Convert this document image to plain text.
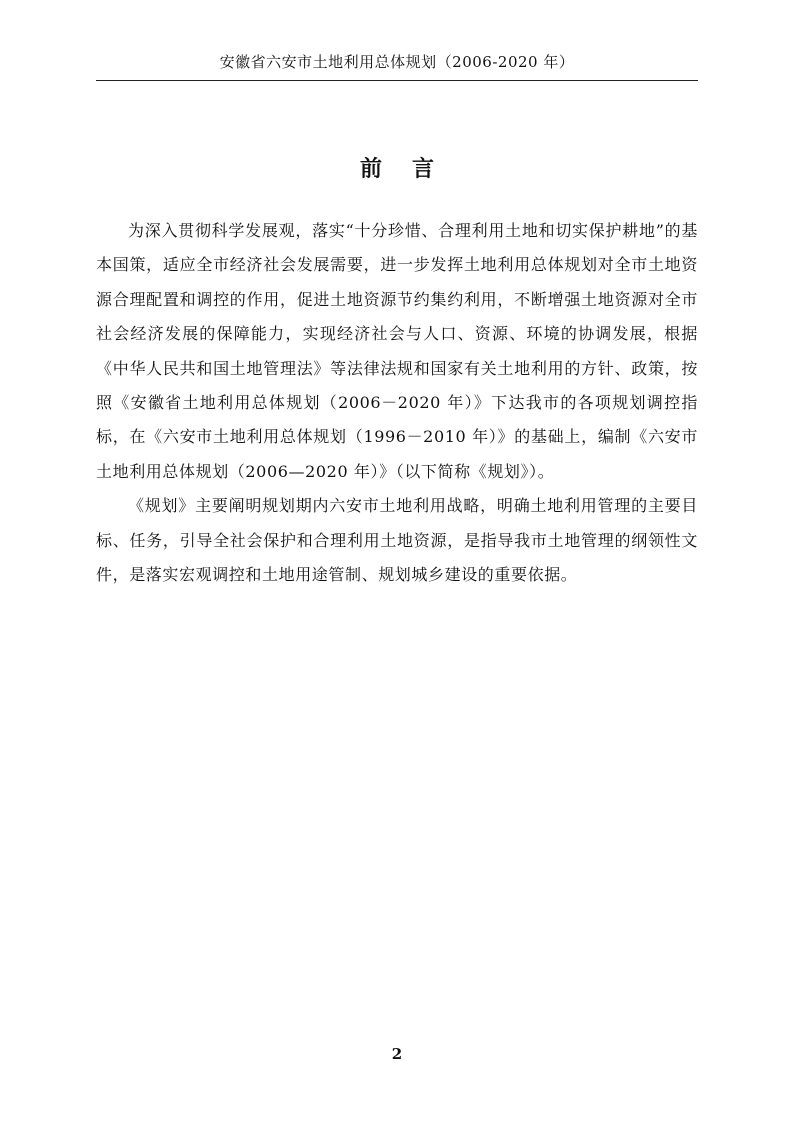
安徽省六安市土地利用总体规划（2006-2020 年）
前 言

为深入贯彻科学发展观，落实“十分珍惜、合理利用土地和切实保护耕地”的基本国策，适应全市经济社会发展需要，进一步发挥土地利用总体规划对全市土地资源合理配置和调控的作用，促进土地资源节约集约利用，不断增强土地资源对全市社会经济发展的保障能力，实现经济社会与人口、资源、环境的协调发展，根据《中华人民共和国土地管理法》等法律法规和国家有关土地利用的方针、政策，按照《安徽省土地利用总体规划（2006－2020 年）》下达我市的各项规划调控指标，在《六安市土地利用总体规划（1996－2010 年）》的基础上，编制《六安市土地利用总体规划（2006—2020 年）》（以下简称《规划》）。

《规划》主要阐明规划期内六安市土地利用战略，明确土地利用管理的主要目标、任务，引导全社会保护和合理利用土地资源，是指导我市土地管理的纲领性文件，是落实宏观调控和土地用途管制、规划城乡建设的重要依据。

2
